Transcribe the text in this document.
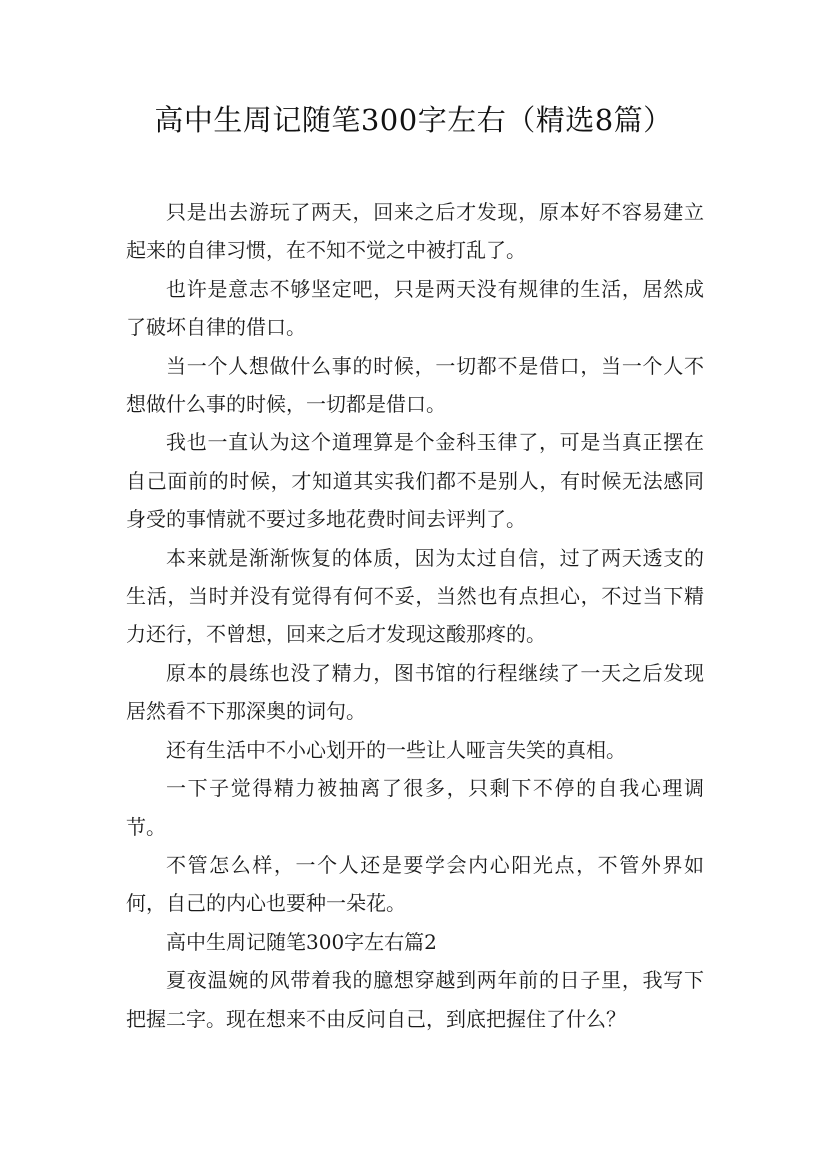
高中生周记随笔300字左右（精选8篇）

只是出去游玩了两天，回来之后才发现，原本好不容易建立起来的自律习惯，在不知不觉之中被打乱了。

也许是意志不够坚定吧，只是两天没有规律的生活，居然成了破坏自律的借口。

当一个人想做什么事的时候，一切都不是借口，当一个人不想做什么事的时候，一切都是借口。

我也一直认为这个道理算是个金科玉律了，可是当真正摆在自己面前的时候，才知道其实我们都不是别人，有时候无法感同身受的事情就不要过多地花费时间去评判了。

本来就是渐渐恢复的体质，因为太过自信，过了两天透支的生活，当时并没有觉得有何不妥，当然也有点担心，不过当下精力还行，不曾想，回来之后才发现这酸那疼的。

原本的晨练也没了精力，图书馆的行程继续了一天之后发现居然看不下那深奥的词句。

还有生活中不小心划开的一些让人哑言失笑的真相。

一下子觉得精力被抽离了很多，只剩下不停的自我心理调节。

不管怎么样，一个人还是要学会内心阳光点，不管外界如何，自己的内心也要种一朵花。

高中生周记随笔300字左右篇2

夏夜温婉的风带着我的臆想穿越到两年前的日子里，我写下把握二字。现在想来不由反问自己，到底把握住了什么？
